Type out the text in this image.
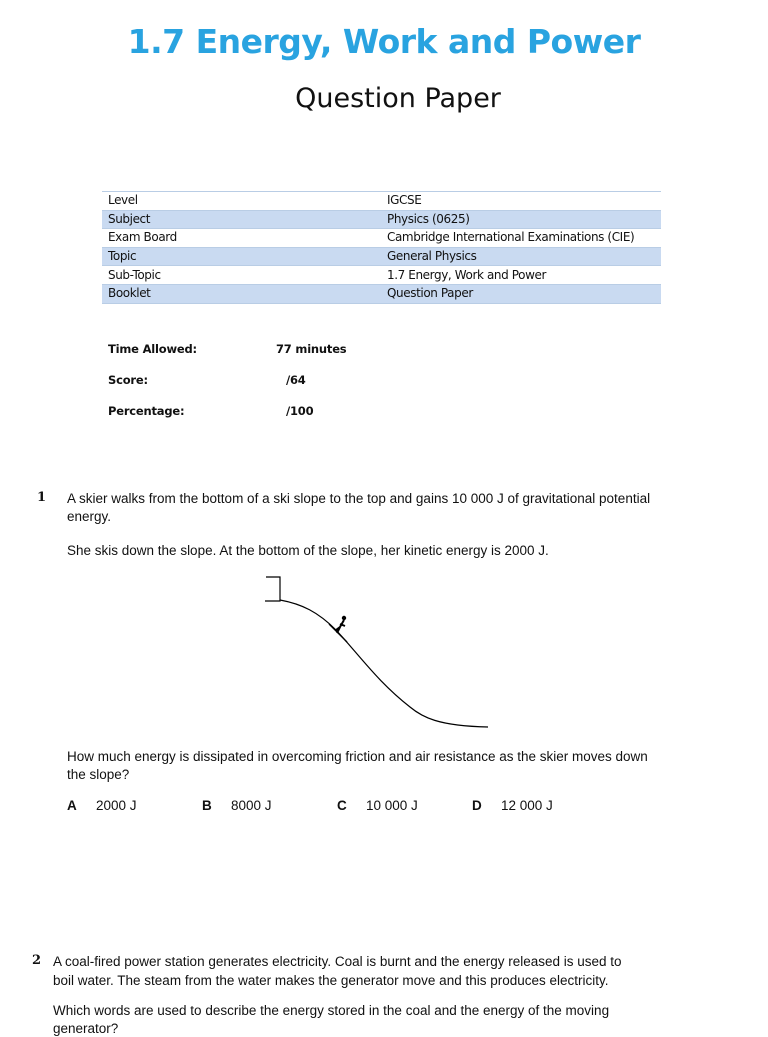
1.7 Energy, Work and Power
Question Paper
Level	IGCSE
Subject	Physics (0625)
Exam Board	Cambridge International Examinations (CIE)
Topic	General Physics
Sub-Topic	1.7 Energy, Work and Power
Booklet	Question Paper
Time Allowed:	77 minutes
Score:	/64
Percentage:	/100
1 A skier walks from the bottom of a ski slope to the top and gains 10 000 J of gravitational potential
energy.
She skis down the slope. At the bottom of the slope, her kinetic energy is 2000 J.
How much energy is dissipated in overcoming friction and air resistance as the skier moves down
the slope?
A 2000 J	B 8000 J	C 10 000 J	D 12 000 J
2 A coal-fired power station generates electricity. Coal is burnt and the energy released is used to
boil water. The steam from the water makes the generator move and this produces electricity.
Which words are used to describe the energy stored in the coal and the energy of the moving
generator?
